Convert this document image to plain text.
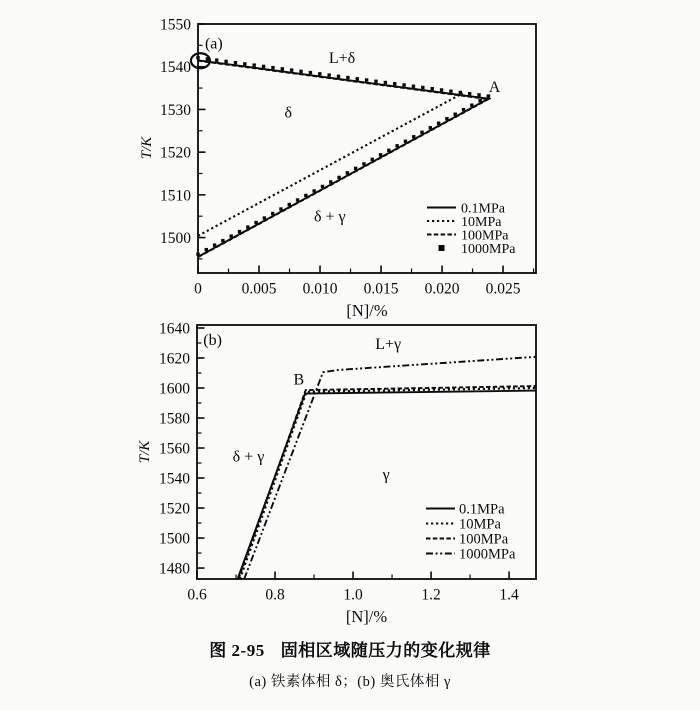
0	0.005 0.010 0.015 0.020 0.025
1500
1510
1520
1530
1540
1550
[N]/%
T/K
(a)
L+δ
δ
A
δ + γ	0.1MPa
10MPa
100MPa
1000MPa
0.6	0.8	1.0	1.2	1.4
1480
1500
1520
1540
1560
1580
1600
1620
1640
[N]/%
T/K
(b)	L+γ
B
δ + γ
γ
0.1MPa
10MPa
100MPa
1000MPa
图 2-95 固相区域随压力的变化规律
(a) 铁素体相 δ；(b) 奥氏体相 γ
